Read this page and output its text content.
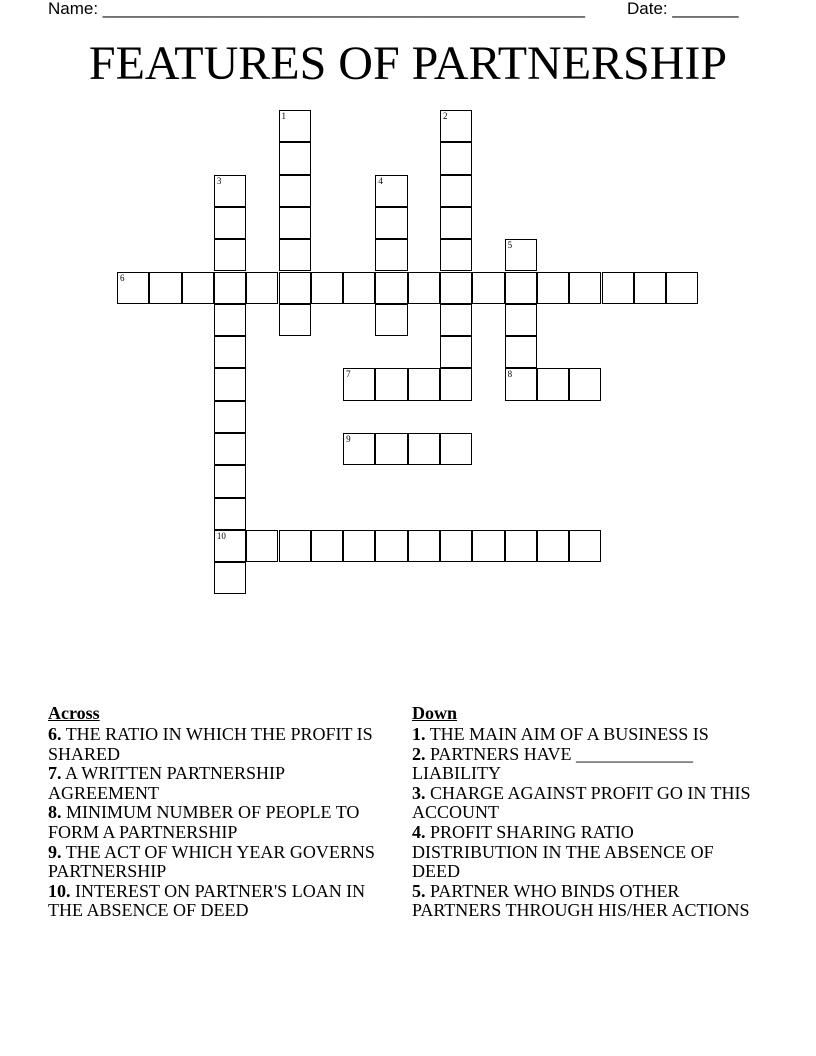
Name: ___________________________________________________ Date: _______
FEATURES OF PARTNERSHIP
1	2
3
10
4
5
8
6
7
9
Across

6. THE RATIO IN WHICH THE PROFIT IS SHARED

7. A WRITTEN PARTNERSHIP AGREEMENT

8. MINIMUM NUMBER OF PEOPLE TO FORM A PARTNERSHIP

9. THE ACT OF WHICH YEAR GOVERNS PARTNERSHIP

10. INTEREST ON PARTNER'S LOAN IN THE ABSENCE OF DEED

Down

1. THE MAIN AIM OF A BUSINESS IS

2. PARTNERS HAVE _____________ LIABILITY

3. CHARGE AGAINST PROFIT GO IN THIS ACCOUNT

4. PROFIT SHARING RATIO DISTRIBUTION IN THE ABSENCE OF DEED

5. PARTNER WHO BINDS OTHER PARTNERS THROUGH HIS/HER ACTIONS
